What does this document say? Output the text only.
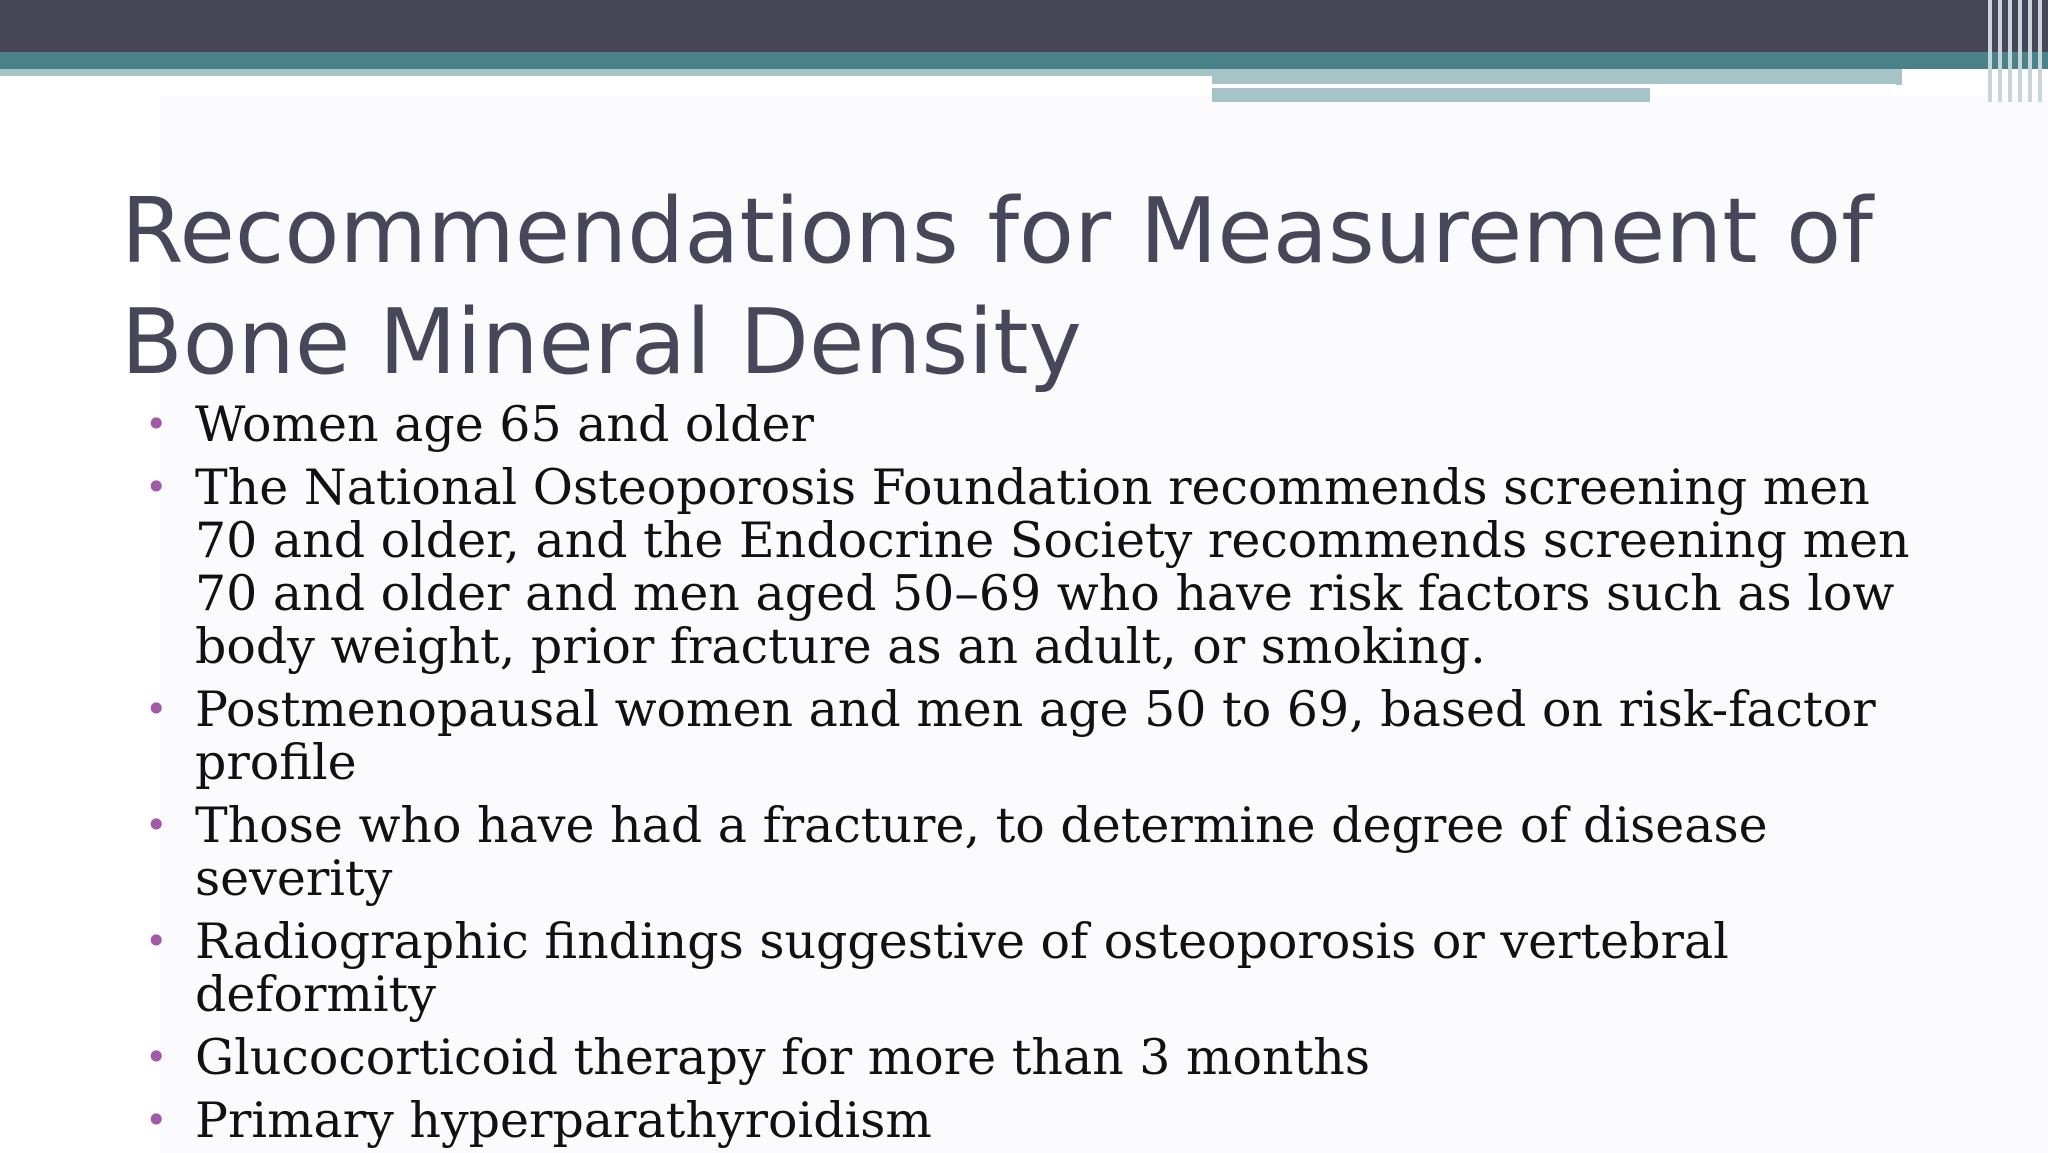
Recommendations for Measurement of
Bone Mineral Density
• Women age 65 and older
• The National Osteoporosis Foundation recommends screening men 70 and older, and the Endocrine Society recommends screening men 70 and older and men aged 50–69 who have risk factors such as low body weight, prior fracture as an adult, or smoking.
• Postmenopausal women and men age 50 to 69, based on risk-factor profile
• Those who have had a fracture, to determine degree of disease severity
• Radiographic findings suggestive of osteoporosis or vertebral deformity
• Glucocorticoid therapy for more than 3 months
• Primary hyperparathyroidism
